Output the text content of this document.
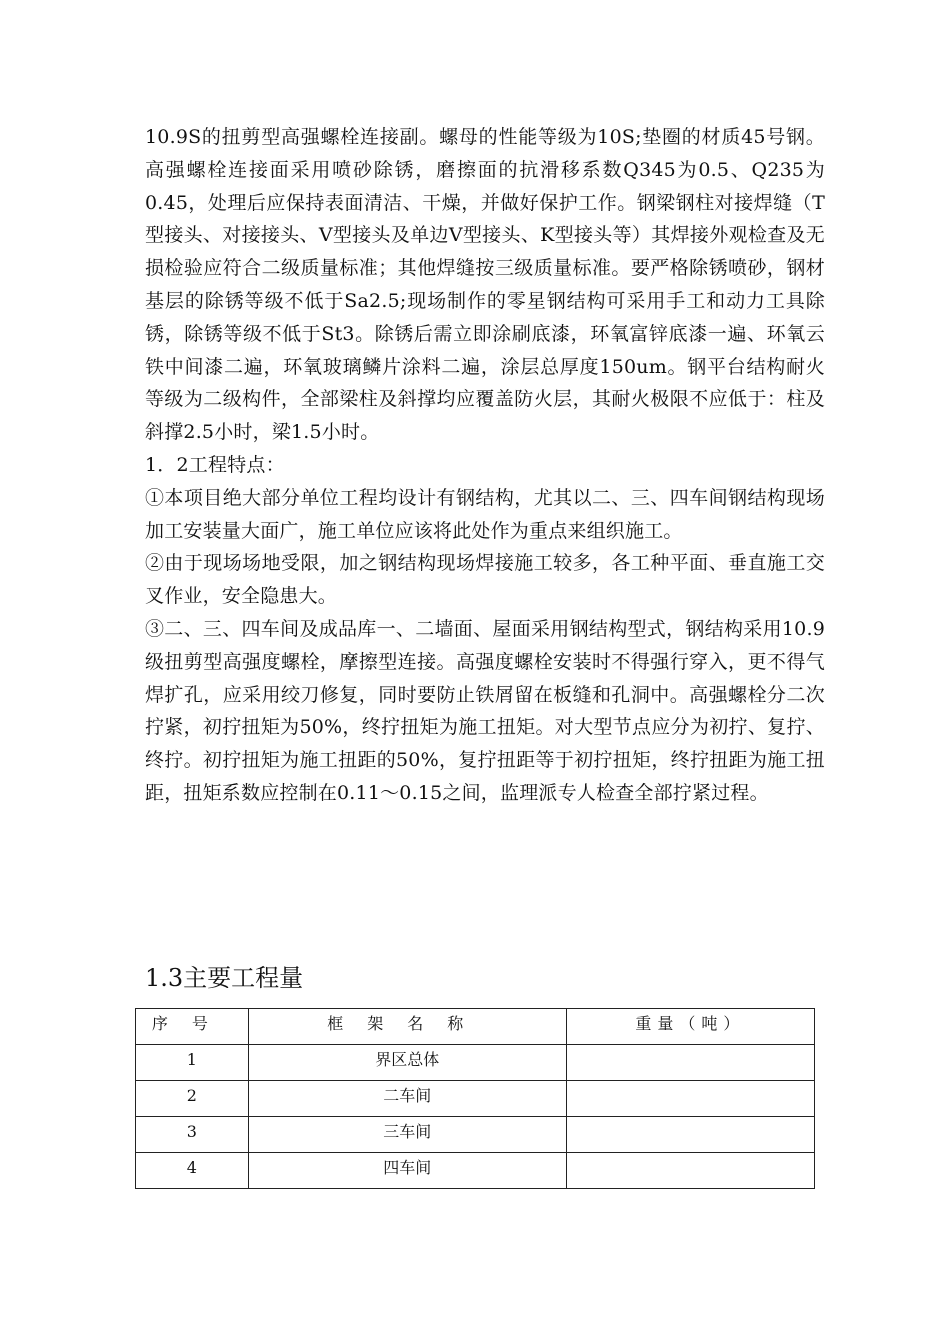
10.9S的扭剪型高强螺栓连接副。螺母的性能等级为10S;垫圈的材质45号钢。高强螺栓连接面采用喷砂除锈，磨擦面的抗滑移系数Q345为0.5、Q235为0.45，处理后应保持表面清洁、干燥，并做好保护工作。钢梁钢柱对接焊缝（T型接头、对接接头、V型接头及单边V型接头、K型接头等）其焊接外观检查及无损检验应符合二级质量标准；其他焊缝按三级质量标准。要严格除锈喷砂，钢材基层的除锈等级不低于Sa2.5;现场制作的零星钢结构可采用手工和动力工具除锈，除锈等级不低于St3。除锈后需立即涂刷底漆，环氧富锌底漆一遍、环氧云铁中间漆二遍，环氧玻璃鳞片涂料二遍，涂层总厚度150um。钢平台结构耐火等级为二级构件，全部梁柱及斜撑均应覆盖防火层，其耐火极限不应低于：柱及斜撑2.5小时，梁1.5小时。

1．2工程特点：

①本项目绝大部分单位工程均设计有钢结构，尤其以二、三、四车间钢结构现场加工安装量大面广，施工单位应该将此处作为重点来组织施工。

②由于现场场地受限，加之钢结构现场焊接施工较多，各工种平面、垂直施工交叉作业，安全隐患大。

③二、三、四车间及成品库一、二墙面、屋面采用钢结构型式，钢结构采用10.9级扭剪型高强度螺栓，摩擦型连接。高强度螺栓安装时不得强行穿入，更不得气焊扩孔，应采用绞刀修复，同时要防止铁屑留在板缝和孔洞中。高强螺栓分二次拧紧，初拧扭矩为50%，终拧扭矩为施工扭矩。对大型节点应分为初拧、复拧、终拧。初拧扭矩为施工扭距的50%，复拧扭距等于初拧扭矩，终拧扭距为施工扭距，扭矩系数应控制在0.11～0.15之间，监理派专人检查全部拧紧过程。

1.3主要工程量
序号	框架名称	重量（吨）
1	界区总体	
2	二车间	
3	三车间	
4	四车间	
